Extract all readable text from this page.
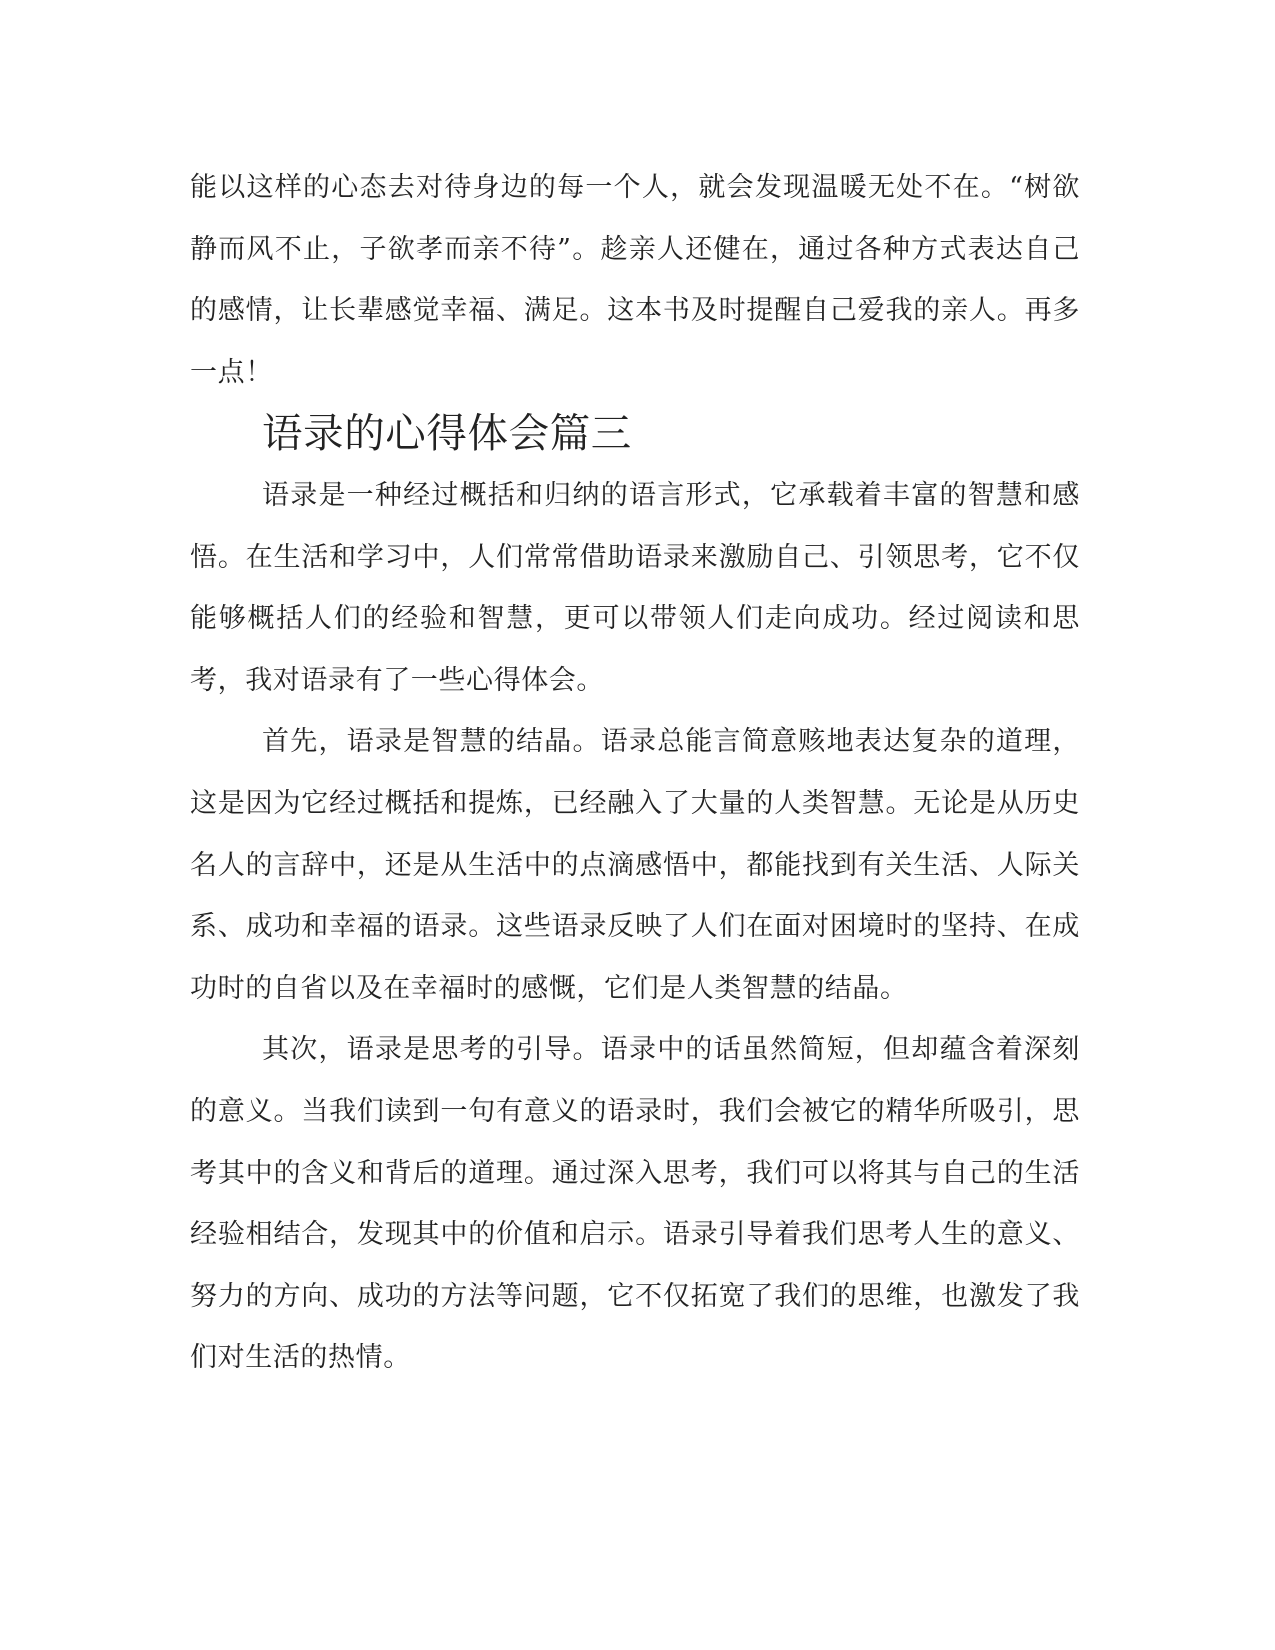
能以这样的心态去对待身边的每一个人，就会发现温暖无处不在。“树欲静而风不止，子欲孝而亲不待”。趁亲人还健在，通过各种方式表达自己的感情，让长辈感觉幸福、满足。这本书及时提醒自己爱我的亲人。再多一点！

语录的心得体会篇三

语录是一种经过概括和归纳的语言形式，它承载着丰富的智慧和感悟。在生活和学习中，人们常常借助语录来激励自己、引领思考，它不仅能够概括人们的经验和智慧，更可以带领人们走向成功。经过阅读和思考，我对语录有了一些心得体会。

首先，语录是智慧的结晶。语录总能言简意赅地表达复杂的道理，这是因为它经过概括和提炼，已经融入了大量的人类智慧。无论是从历史名人的言辞中，还是从生活中的点滴感悟中，都能找到有关生活、人际关系、成功和幸福的语录。这些语录反映了人们在面对困境时的坚持、在成功时的自省以及在幸福时的感慨，它们是人类智慧的结晶。

其次，语录是思考的引导。语录中的话虽然简短，但却蕴含着深刻的意义。当我们读到一句有意义的语录时，我们会被它的精华所吸引，思考其中的含义和背后的道理。通过深入思考，我们可以将其与自己的生活经验相结合，发现其中的价值和启示。语录引导着我们思考人生的意义、努力的方向、成功的方法等问题，它不仅拓宽了我们的思维，也激发了我们对生活的热情。
